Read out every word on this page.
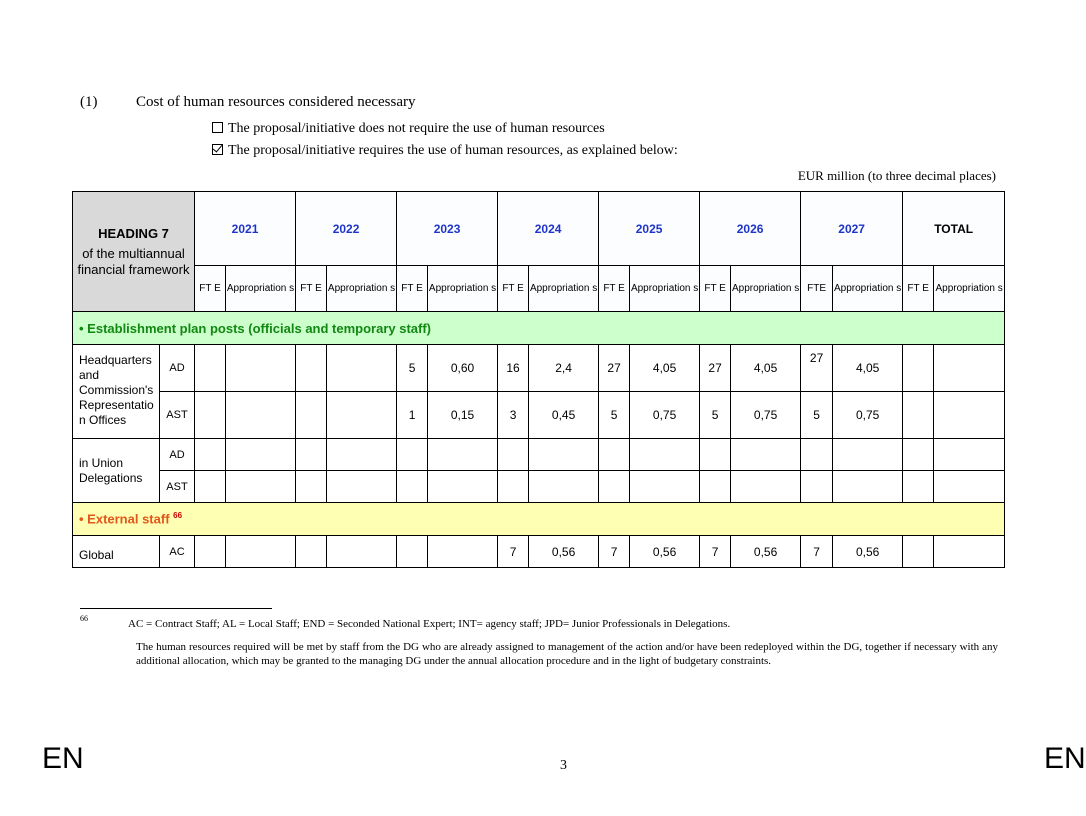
(1)	Cost of human resources considered necessary
The proposal/initiative does not require the use of human resources
The proposal/initiative requires the use of human resources, as explained below:
EUR million (to three decimal places)
HEADING 7
of the multiannual financial framework		2021		2022		2023		2024		2025		2026		2027		TOTAL	
		FT E	Appropriation s	FT E	Appropriation s	FT E	Appropriation s	FT E	Appropriation s	FT E	Appropriation s	FT E	Appropriation s	FTE	Appropriation s	FT E	Appropriation s
• Establishment plan posts (officials and temporary staff)																	
Headquarters and Commission's Representatio n Offices	AD					5	0,60	16	2,4	27	4,05	27	4,05	27	4,05		
	AST					1	0,15	3	0,45	5	0,75	5	0,75	5	0,75		
in Union Delegations	AD																
	AST																
• External staff $^{66}$
Global	AC							7	0,56	7	0,56	7	0,56	7	0,56		
66	AC = Contract Staff; AL = Local Staff; END = Seconded National Expert; INT= agency staff; JPD= Junior Professionals in Delegations.
The human resources required will be met by staff from the DG who are already assigned to management of the action and/or have been redeployed within the DG, together if necessary with any additional allocation, which may be granted to the managing DG under the annual allocation procedure and in the light of budgetary constraints.
EN	3	EN
